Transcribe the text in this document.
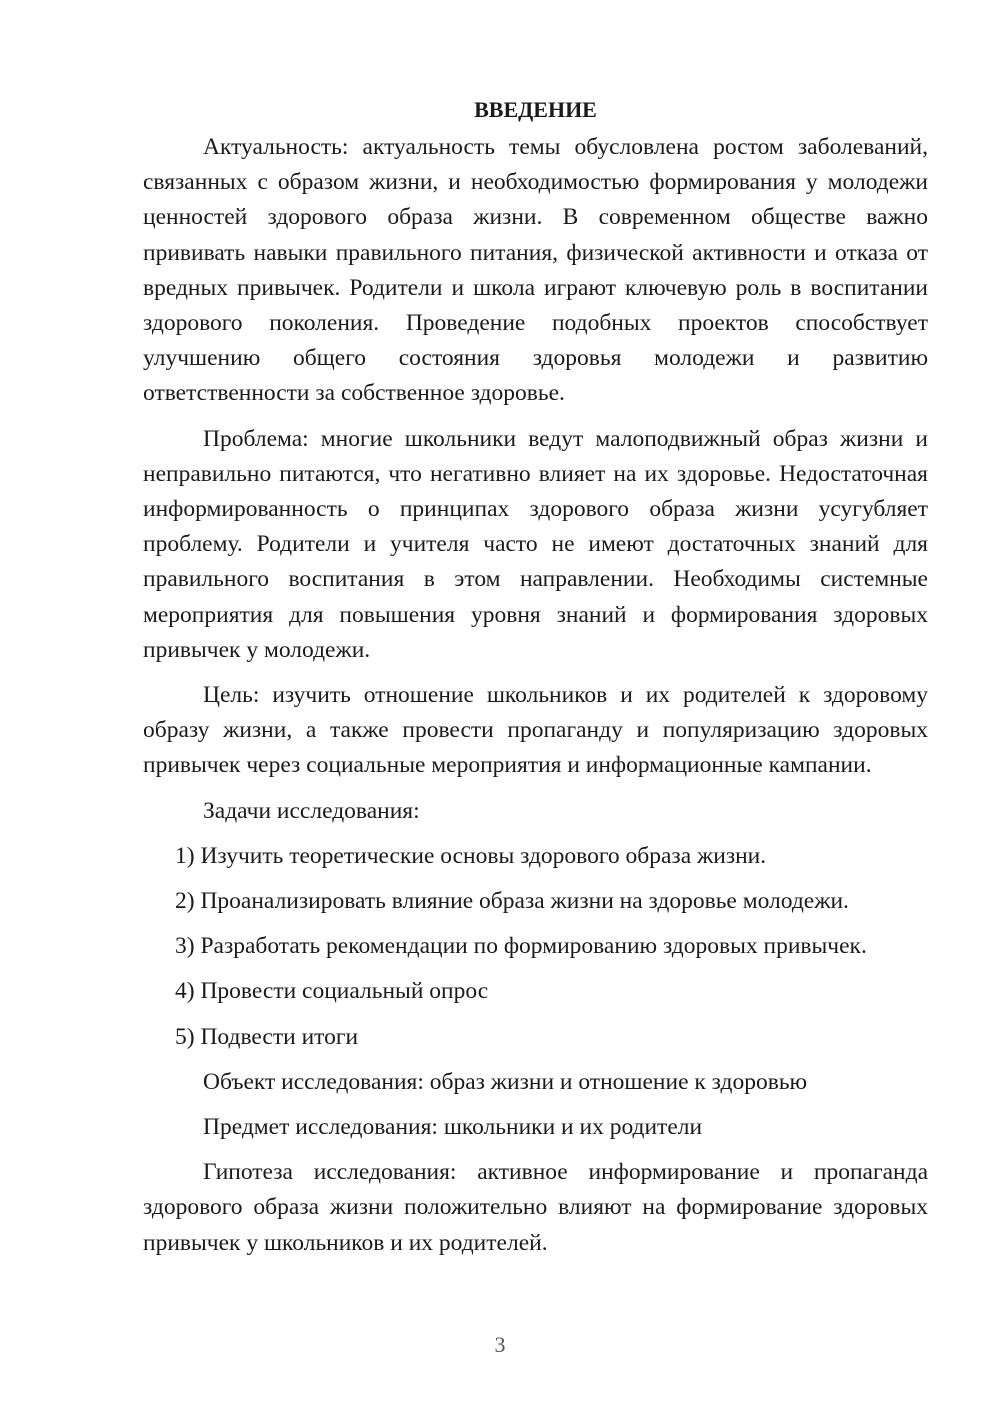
ВВЕДЕНИЕ

Актуальность: актуальность темы обусловлена ростом заболеваний, связанных с образом жизни, и необходимостью формирования у молодежи ценностей здорового образа жизни. В современном обществе важно прививать навыки правильного питания, физической активности и отказа от вредных привычек. Родители и школа играют ключевую роль в воспитании здорового поколения. Проведение подобных проектов способствует улучшению общего состояния здоровья молодежи и развитию ответственности за собственное здоровье.

Проблема: многие школьники ведут малоподвижный образ жизни и неправильно питаются, что негативно влияет на их здоровье. Недостаточная информированность о принципах здорового образа жизни усугубляет проблему. Родители и учителя часто не имеют достаточных знаний для правильного воспитания в этом направлении. Необходимы системные мероприятия для повышения уровня знаний и формирования здоровых привычек у молодежи.

Цель: изучить отношение школьников и их родителей к здоровому образу жизни, а также провести пропаганду и популяризацию здоровых привычек через социальные мероприятия и информационные кампании.

Задачи исследования:

1) Изучить теоретические основы здорового образа жизни.
2) Проанализировать влияние образа жизни на здоровье молодежи.
3) Разработать рекомендации по формированию здоровых привычек.
4) Провести социальный опрос
5) Подвести итоги

Объект исследования: образ жизни и отношение к здоровью

Предмет исследования: школьники и их родители

Гипотеза исследования: активное информирование и пропаганда здорового образа жизни положительно влияют на формирование здоровых привычек у школьников и их родителей.

3
